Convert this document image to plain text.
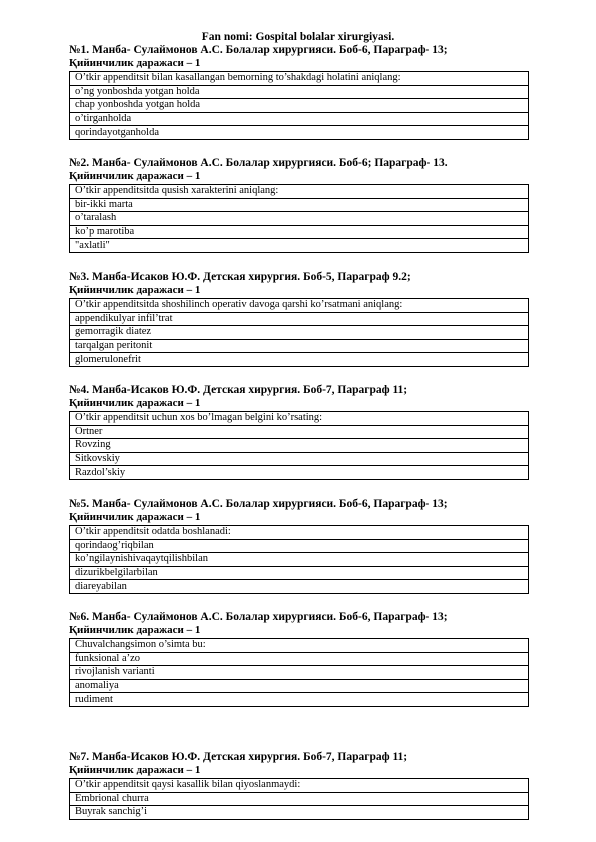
Fan nomi: Gospital bolalar xirurgiyasi.
№1. Манба- Сулаймонов А.С. Болалар хирургияси. Боб-6, Параграф- 13;
Қийинчилик даражаси – 1
O’tkir appenditsit bilan kasallangan bemorning to’shakdagi holatini aniqlang:
o’ng yonboshda yotgan holda
chap yonboshda yotgan holda
o’tirganholda
qorindayotganholda
№2. Манба- Сулаймонов А.С. Болалар хирургияси. Боб-6; Параграф- 13.
Қийинчилик даражаси – 1
O’tkir appenditsitda qusish xarakterini aniqlang:
bir-ikki marta
o’taralash
ko’p marotiba
"axlatli"
№3. Манба-Исаков Ю.Ф. Детская хирургия. Боб-5, Параграф 9.2;
Қийинчилик даражаси – 1
O’tkir appenditsitda shoshilinch operativ davoga qarshi ko’rsatmani aniqlang:
appendikulyar infil’trat
gemorragik diatez
tarqalgan peritonit
glomerulonefrit
№4. Манба-Исаков Ю.Ф. Детская хирургия. Боб-7, Параграф 11;
Қийинчилик даражаси – 1
O’tkir appenditsit uchun xos bo’lmagan belgini ko’rsating:
Ortner
Rovzing
Sitkovskiy
Razdol’skiy
№5. Манба- Сулаймонов А.С. Болалар хирургияси. Боб-6, Параграф- 13;
Қийинчилик даражаси – 1
O’tkir appenditsit odatda boshlanadi:
qorindaog’riqbilan
ko’ngilaynishivaqaytqilishbilan
dizurikbelgilarbilan
diareyabilan
№6. Манба- Сулаймонов А.С. Болалар хирургияси. Боб-6, Параграф- 13;
Қийинчилик даражаси – 1
Chuvalchangsimon o’simta bu:
funksional a’zo
rivojlanish varianti
anomaliya
rudiment
№7. Манба-Исаков Ю.Ф. Детская хирургия. Боб-7, Параграф 11;
Қийинчилик даражаси – 1
O’tkir appenditsit qaysi kasallik bilan qiyoslanmaydi:
Embrional churra
Buyrak sanchig’i
